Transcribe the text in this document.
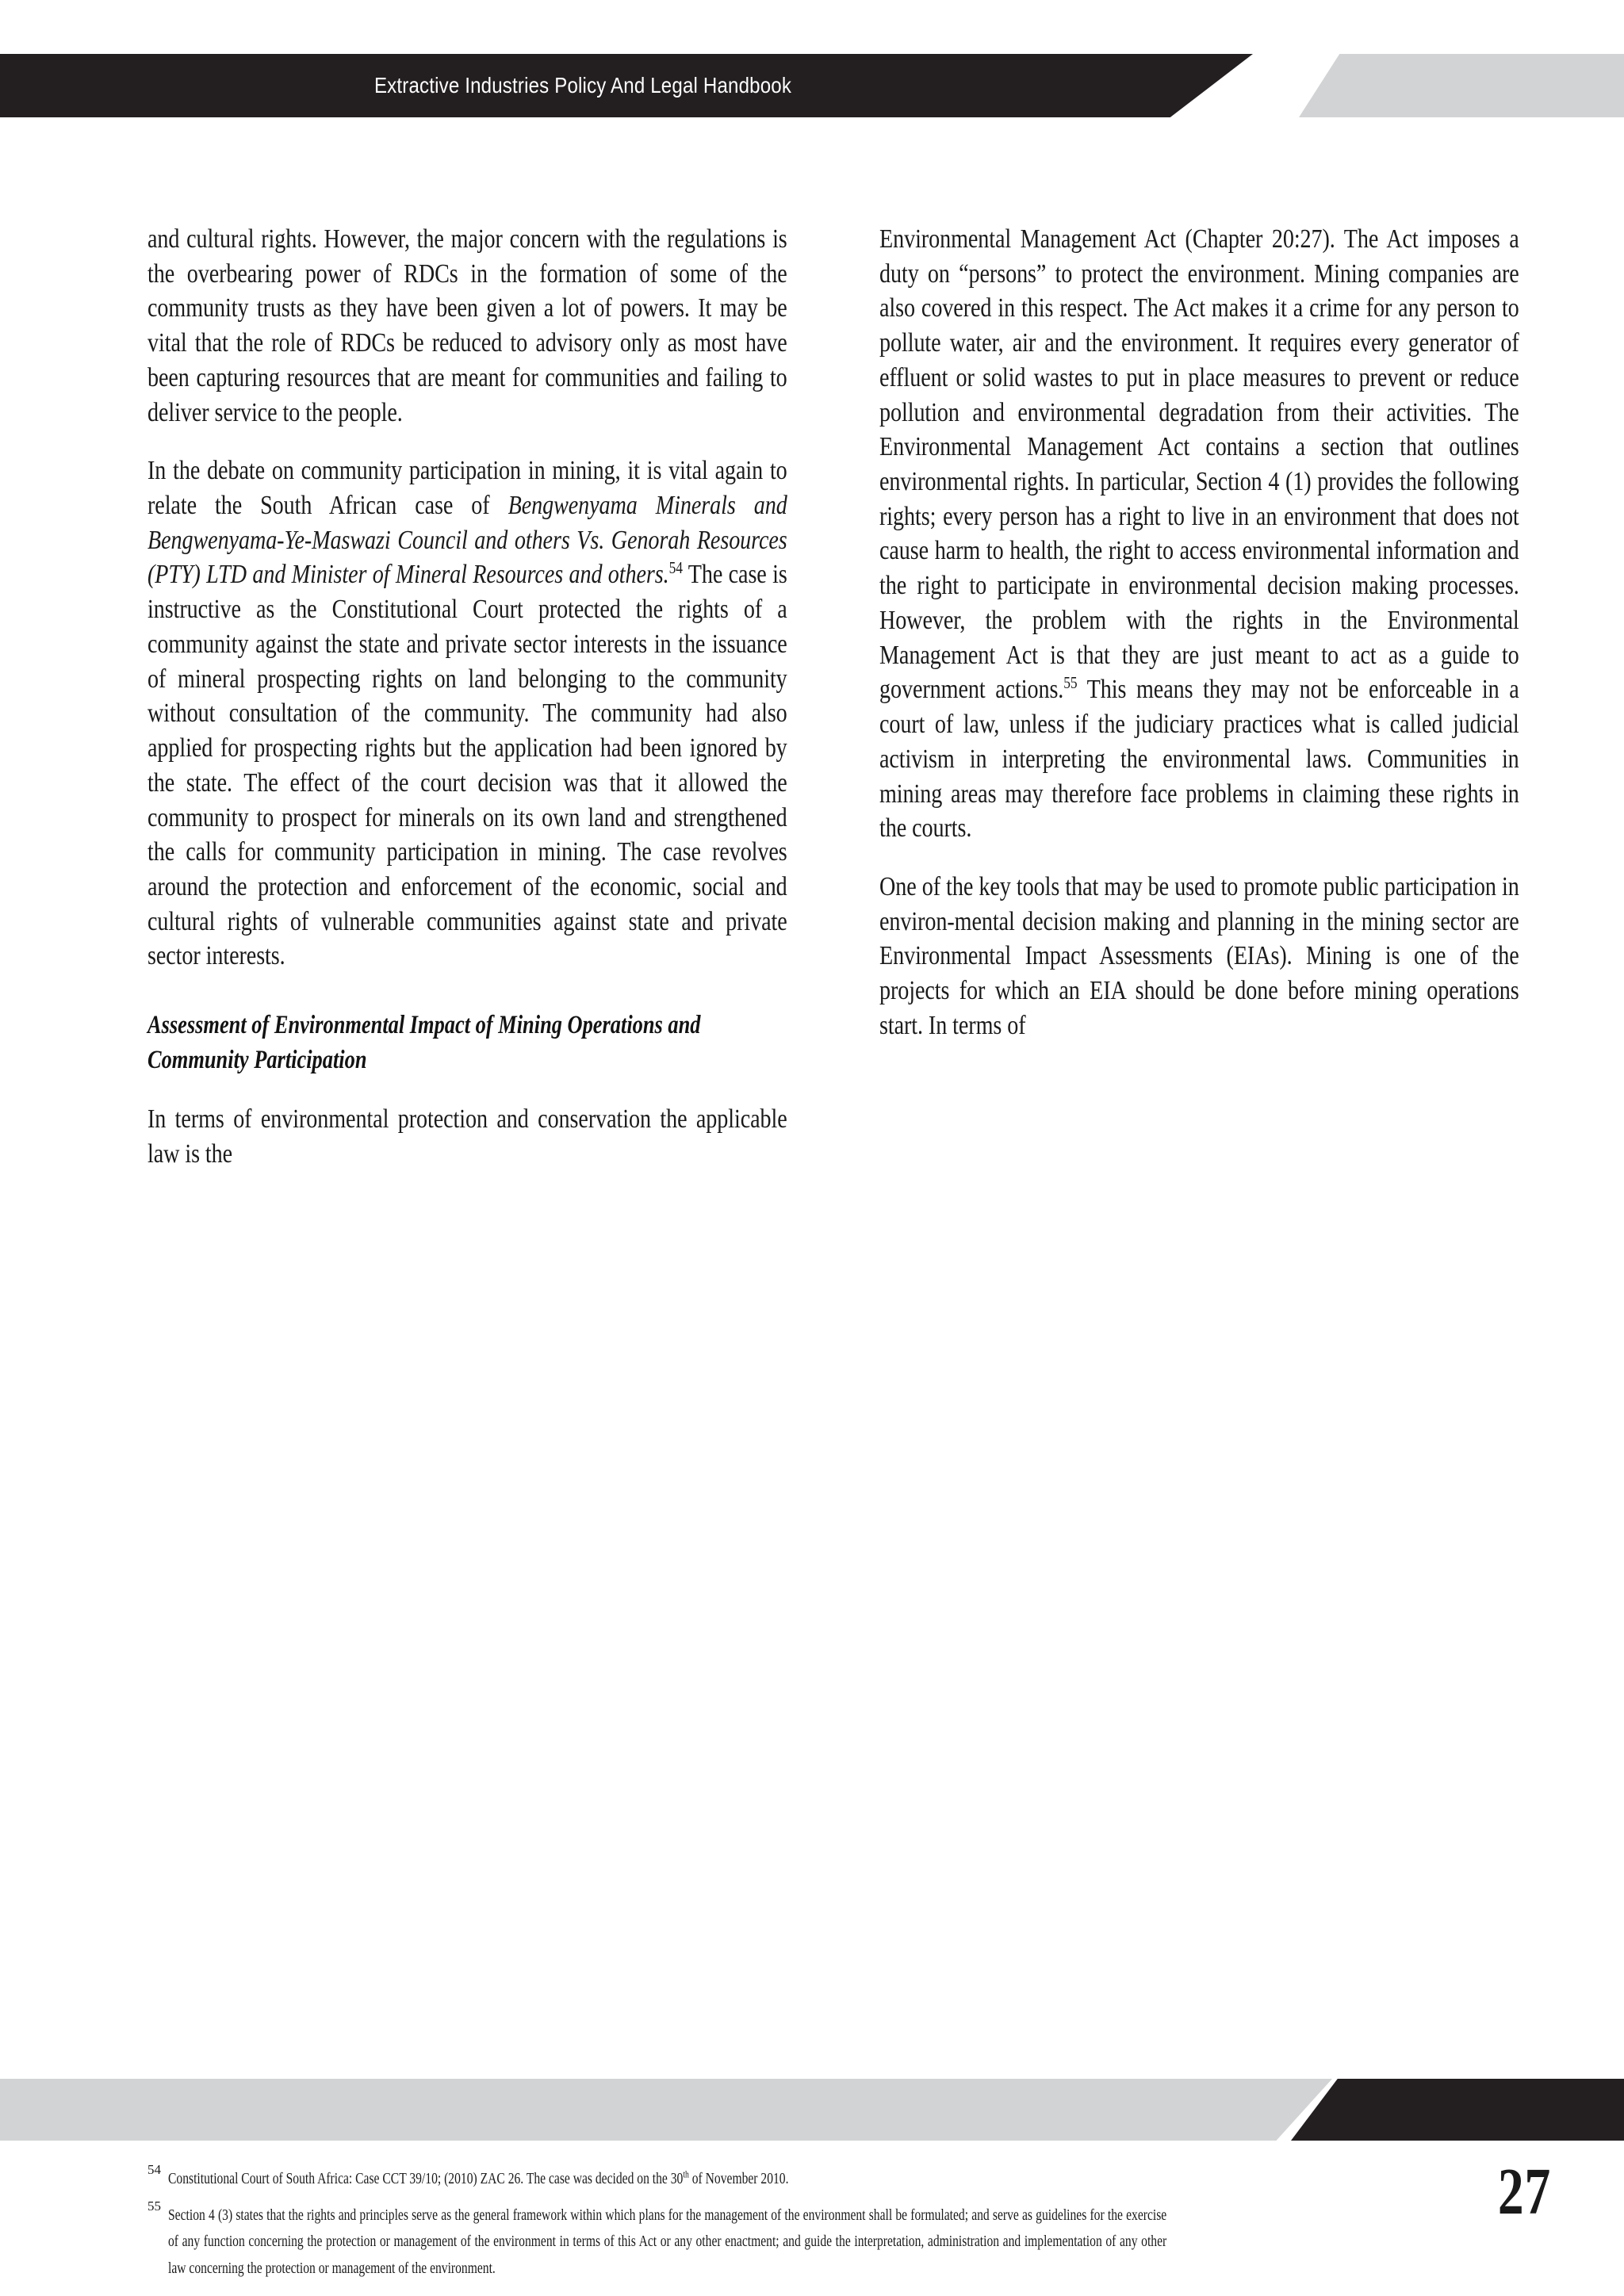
Extractive Industries Policy And Legal Handbook

and cultural rights. However, the major concern with the regulations is the overbearing power of RDCs in the formation of some of the community trusts as they have been given a lot of powers. It may be vital that the role of RDCs be reduced to advisory only as most have been capturing resources that are meant for communities and failing to deliver service to the people.

In the debate on community participation in mining, it is vital again to relate the South African case of Bengwenyama Minerals and Bengwenyama-Ye-Maswazi Council and others Vs. Genorah Resources (PTY) LTD and Minister of Mineral Resources and others.$^{54}$ The case is instructive as the Constitutional Court protected the rights of a community against the state and private sector interests in the issuance of mineral prospecting rights on land belonging to the community without consultation of the community. The community had also applied for prospecting rights but the application had been ignored by the state. The effect of the court decision was that it allowed the community to prospect for minerals on its own land and strengthened the calls for community participation in mining. The case revolves around the protection and enforcement of the economic, social and cultural rights of vulnerable communities against state and private sector interests.

Assessment of Environmental Impact of Mining Operations and Community Participation

In terms of environmental protection and conservation the applicable law is the

Environmental Management Act (Chapter 20:27). The Act imposes a duty on “persons” to protect the environment. Mining companies are also covered in this respect. The Act makes it a crime for any person to pollute water, air and the environment. It requires every generator of effluent or solid wastes to put in place measures to prevent or reduce pollution and environmental degradation from their activities. The Environmental Management Act contains a section that outlines environmental rights. In particular, Section 4 (1) provides the following rights; every person has a right to live in an environment that does not cause harm to health, the right to access environmental information and the right to participate in environmental decision making processes. However, the problem with the rights in the Environmental Management Act is that they are just meant to act as a guide to government actions.$^{55}$ This means they may not be enforceable in a court of law, unless if the judiciary practices what is called judicial activism in interpreting the environmental laws. Communities in mining areas may therefore face problems in claiming these rights in the courts.

One of the key tools that may be used to promote public participation in environ-mental decision making and planning in the mining sector are Environmental Impact Assessments (EIAs). Mining is one of the projects for which an EIA should be done before mining operations start. In terms of

54
Constitutional Court of South Africa: Case CCT 39/10; (2010) ZAC 26. The case was decided on the 30th of November 2010.
55
Section 4 (3) states that the rights and principles serve as the general framework within which plans for the management of the environment shall be formulated; and serve as guidelines for the exercise of any function concerning the protection or management of the environment in terms of this Act or any other enactment; and guide the interpretation, administration and implementation of any other law concerning the protection or management of the environment.
27
